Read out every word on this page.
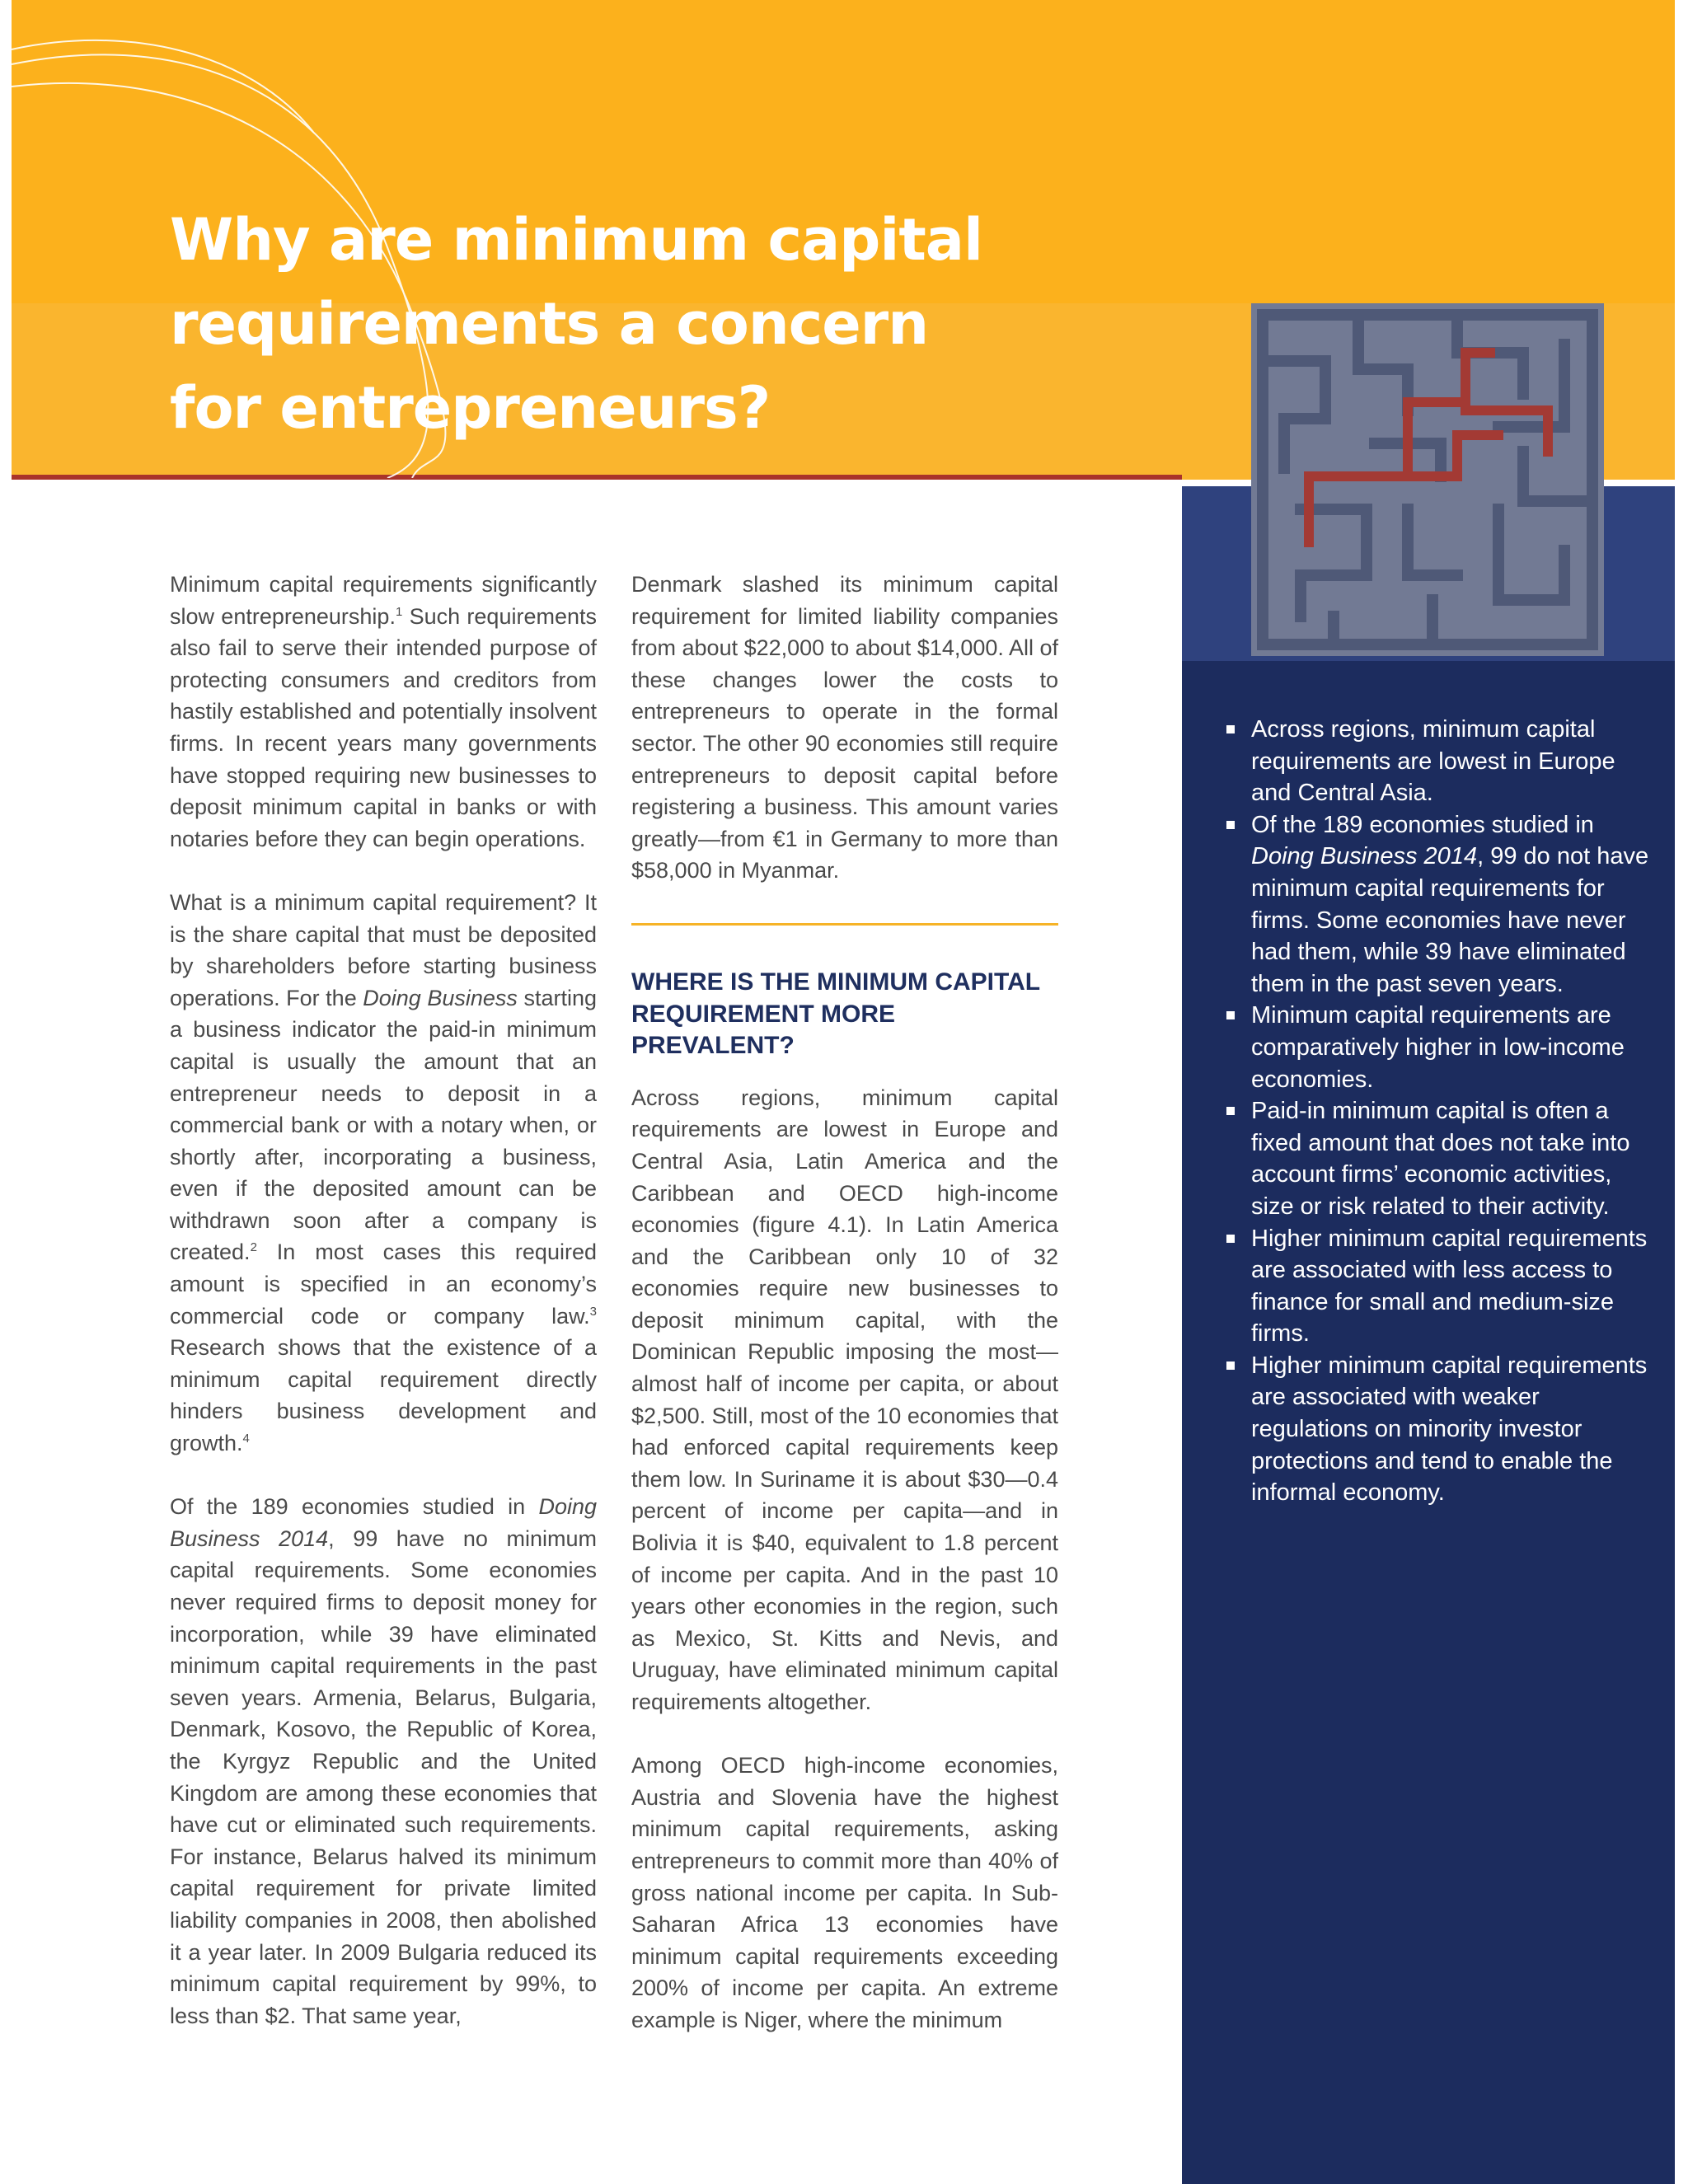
Why are minimum capital requirements a concern for entrepreneurs?
Across regions, minimum capital requirements are lowest in Europe and Central Asia.
Of the 189 economies studied in Doing Business 2014, 99 do not have minimum capital requirements for firms. Some economies have never had them, while 39 have eliminated them in the past seven years.
Minimum capital requirements are comparatively higher in low-income economies.
Paid-in minimum capital is often a fixed amount that does not take into account firms’ economic activities, size or risk related to their activity.
Higher minimum capital requirements are associated with less access to finance for small and medium-size firms.
Higher minimum capital requirements are associated with weaker regulations on minority investor protections and tend to enable the informal economy.

Minimum capital requirements significantly slow entrepreneurship.$^1$ Such requirements also fail to serve their intended purpose of protecting consumers and creditors from hastily established and potentially insolvent firms. In recent years many governments have stopped requiring new businesses to deposit minimum capital in banks or with notaries before they can begin operations.

What is a minimum capital requirement? It is the share capital that must be deposited by shareholders before starting business operations. For the Doing Business starting a business indicator the paid-in minimum capital is usually the amount that an entrepreneur needs to deposit in a commercial bank or with a notary when, or shortly after, incorporating a business, even if the deposited amount can be withdrawn soon after a company is created.$^2$ In most cases this required amount is specified in an economy’s commercial code or company law.$^3$ Research shows that the existence of a minimum capital requirement directly hinders business development and growth.$^4$

Of the 189 economies studied in Doing Business 2014, 99 have no minimum capital requirements. Some economies never required firms to deposit money for incorporation, while 39 have eliminated minimum capital requirements in the past seven years. Armenia, Belarus, Bulgaria, Denmark, Kosovo, the Republic of Korea, the Kyrgyz Republic and the United Kingdom are among these economies that have cut or eliminated such requirements. For instance, Belarus halved its minimum capital requirement for private limited liability companies in 2008, then abolished it a year later. In 2009 Bulgaria reduced its minimum capital requirement by 99%, to less than $2. That same year,

Denmark slashed its minimum capital requirement for limited liability companies from about $22,000 to about $14,000. All of these changes lower the costs to entrepreneurs to operate in the formal sector. The other 90 economies still require entrepreneurs to deposit capital before registering a business. This amount varies greatly—from €1 in Germany to more than $58,000 in Myanmar.

WHERE IS THE MINIMUM CAPITAL REQUIREMENT MORE PREVALENT?

Across regions, minimum capital requirements are lowest in Europe and Central Asia, Latin America and the Caribbean and OECD high-income economies (figure 4.1). In Latin America and the Caribbean only 10 of 32 economies require new businesses to deposit minimum capital, with the Dominican Republic imposing the most—almost half of income per capita, or about $2,500. Still, most of the 10 economies that had enforced capital requirements keep them low. In Suriname it is about $30—0.4 percent of income per capita—and in Bolivia it is $40, equivalent to 1.8 percent of income per capita. And in the past 10 years other economies in the region, such as Mexico, St. Kitts and Nevis, and Uruguay, have eliminated minimum capital requirements altogether.

Among OECD high-income economies, Austria and Slovenia have the highest minimum capital requirements, asking entrepreneurs to commit more than 40% of gross national income per capita. In Sub-Saharan Africa 13 economies have minimum capital requirements exceeding 200% of income per capita. An extreme example is Niger, where the minimum
